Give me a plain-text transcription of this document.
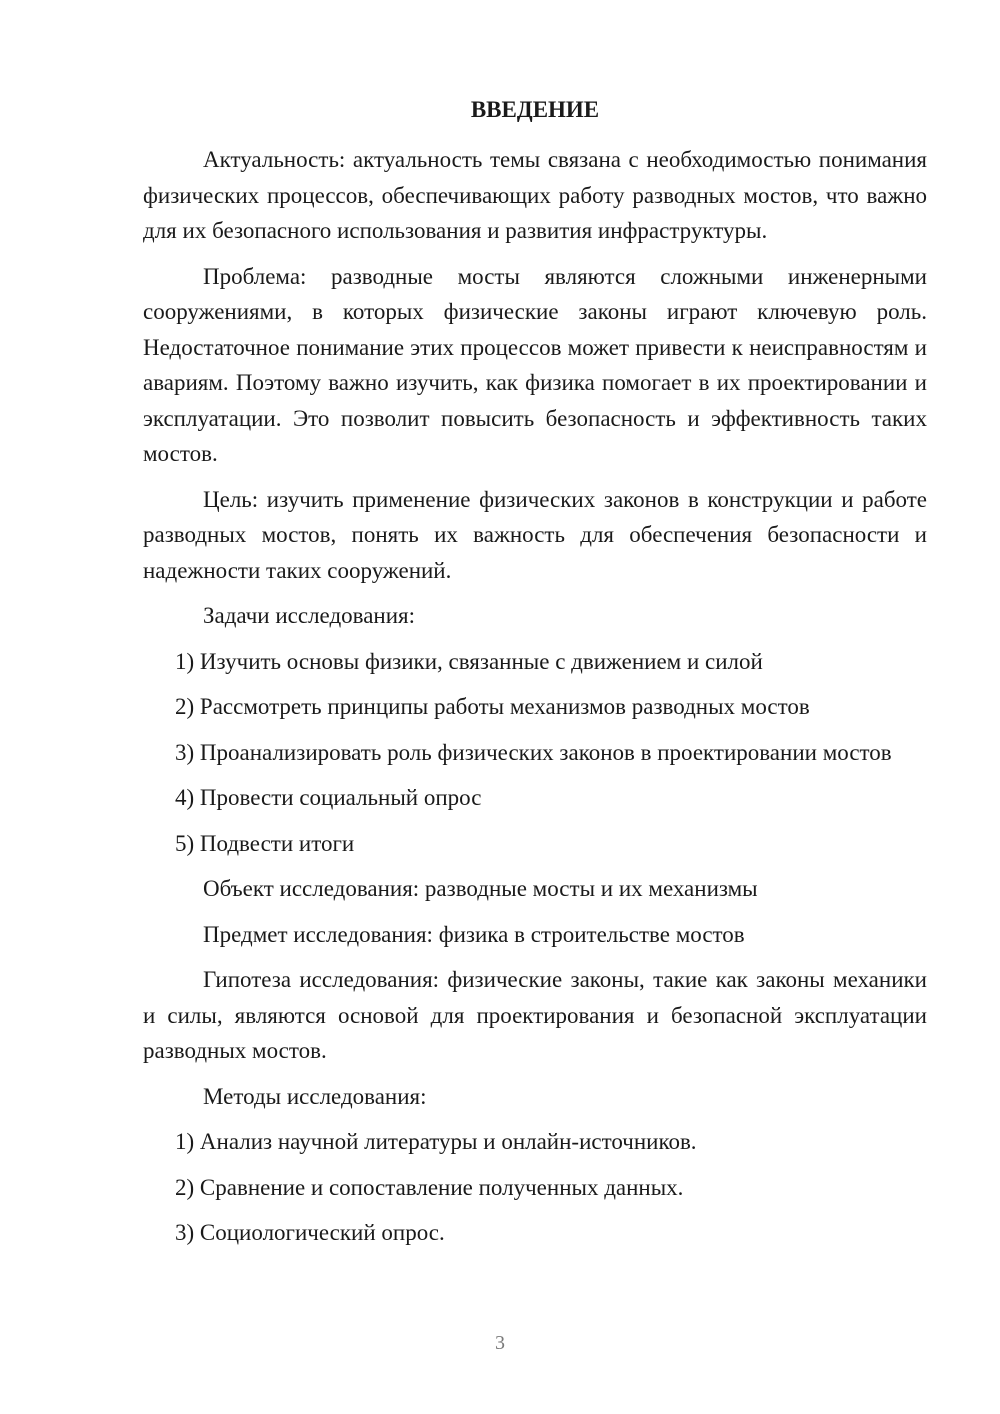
ВВЕДЕНИЕ

Актуальность: актуальность темы связана с необходимостью понимания физических процессов, обеспечивающих работу разводных мостов, что важно для их безопасного использования и развития инфраструктуры.

Проблема: разводные мосты являются сложными инженерными сооружениями, в которых физические законы играют ключевую роль. Недостаточное понимание этих процессов может привести к неисправностям и авариям. Поэтому важно изучить, как физика помогает в их проектировании и эксплуатации. Это позволит повысить безопасность и эффективность таких мостов.

Цель: изучить применение физических законов в конструкции и работе разводных мостов, понять их важность для обеспечения безопасности и надежности таких сооружений.

Задачи исследования:

1) Изучить основы физики, связанные с движением и силой

2) Рассмотреть принципы работы механизмов разводных мостов

3) Проанализировать роль физических законов в проектировании мостов

4) Провести социальный опрос

5) Подвести итоги

Объект исследования: разводные мосты и их механизмы

Предмет исследования: физика в строительстве мостов

Гипотеза исследования: физические законы, такие как законы механики и силы, являются основой для проектирования и безопасной эксплуатации разводных мостов.

Методы исследования:

1) Анализ научной литературы и онлайн-источников.

2) Сравнение и сопоставление полученных данных.

3) Социологический опрос.

3
